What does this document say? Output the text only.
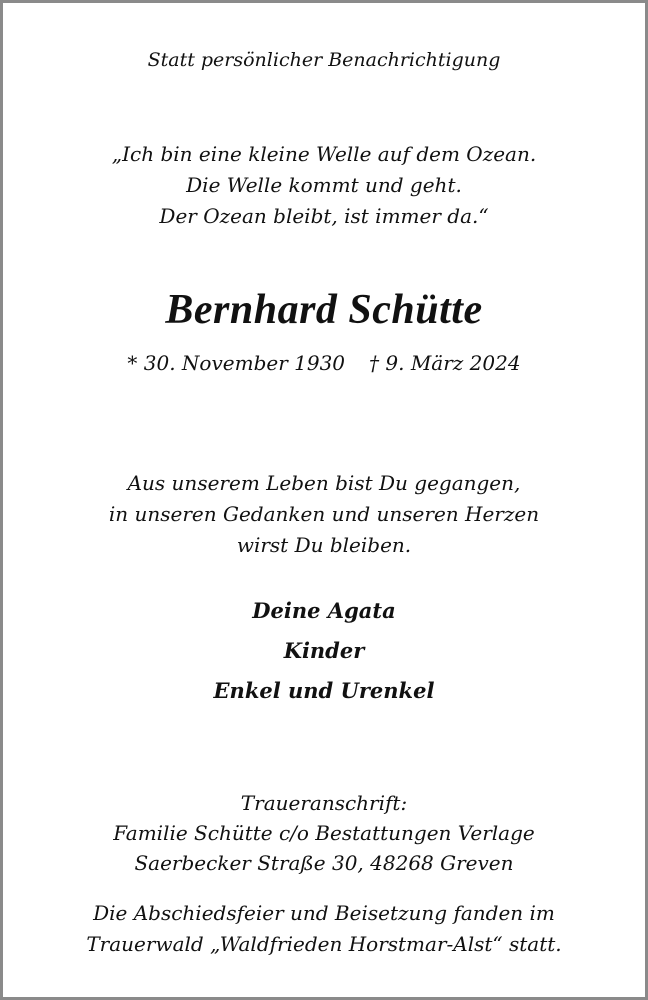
Statt persönlicher Benachrichtigung
„Ich bin eine kleine Welle auf dem Ozean.
Die Welle kommt und geht.
Der Ozean bleibt, ist immer da.“
Bernhard Schütte
* 30. November 1930 † 9. März 2024
Aus unserem Leben bist Du gegangen,
in unseren Gedanken und unseren Herzen
wirst Du bleiben.
Deine Agata
Kinder
Enkel und Urenkel
Traueranschrift:
Familie Schütte c/o Bestattungen Verlage
Saerbecker Straße 30, 48268 Greven
Die Abschiedsfeier und Beisetzung fanden im
Trauerwald „Waldfrieden Horstmar-Alst“ statt.
